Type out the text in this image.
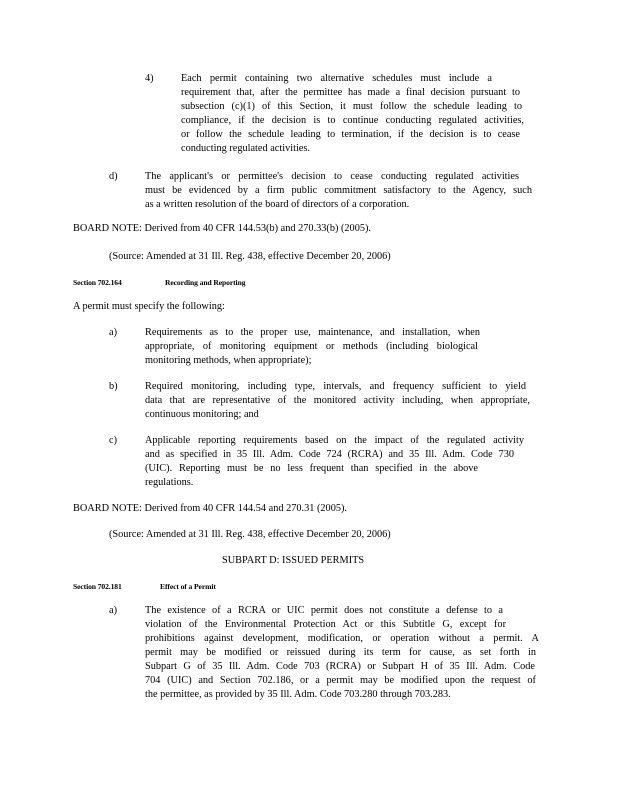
4)	Each permit containing two alternative schedules must include a
requirement that, after the permittee has made a final decision pursuant to
subsection (c)(1) of this Section, it must follow the schedule leading to
compliance, if the decision is to continue conducting regulated activities,
or follow the schedule leading to termination, if the decision is to cease
conducting regulated activities.
d)	The applicant's or permittee's decision to cease conducting regulated activities
must be evidenced by a firm public commitment satisfactory to the Agency, such
as a written resolution of the board of directors of a corporation.
BOARD NOTE: Derived from 40 CFR 144.53(b) and 270.33(b) (2005).
(Source: Amended at 31 Ill. Reg. 438, effective December 20, 2006)
Section 702.164	Recording and Reporting
A permit must specify the following:
a)	Requirements as to the proper use, maintenance, and installation, when
appropriate, of monitoring equipment or methods (including biological
monitoring methods, when appropriate);
b)	Required monitoring, including type, intervals, and frequency sufficient to yield
data that are representative of the monitored activity including, when appropriate,
continuous monitoring; and
c)	Applicable reporting requirements based on the impact of the regulated activity
and as specified in 35 Ill. Adm. Code 724 (RCRA) and 35 Ill. Adm. Code 730
(UIC). Reporting must be no less frequent than specified in the above
regulations.
BOARD NOTE: Derived from 40 CFR 144.54 and 270.31 (2005).
(Source: Amended at 31 Ill. Reg. 438, effective December 20, 2006)
SUBPART D: ISSUED PERMITS
Section 702.181	Effect of a Permit
a)	The existence of a RCRA or UIC permit does not constitute a defense to a
violation of the Environmental Protection Act or this Subtitle G, except for
prohibitions against development, modification, or operation without a permit. A
permit may be modified or reissued during its term for cause, as set forth in
Subpart G of 35 Ill. Adm. Code 703 (RCRA) or Subpart H of 35 Ill. Adm. Code
704 (UIC) and Section 702.186, or a permit may be modified upon the request of
the permittee, as provided by 35 Ill. Adm. Code 703.280 through 703.283.
